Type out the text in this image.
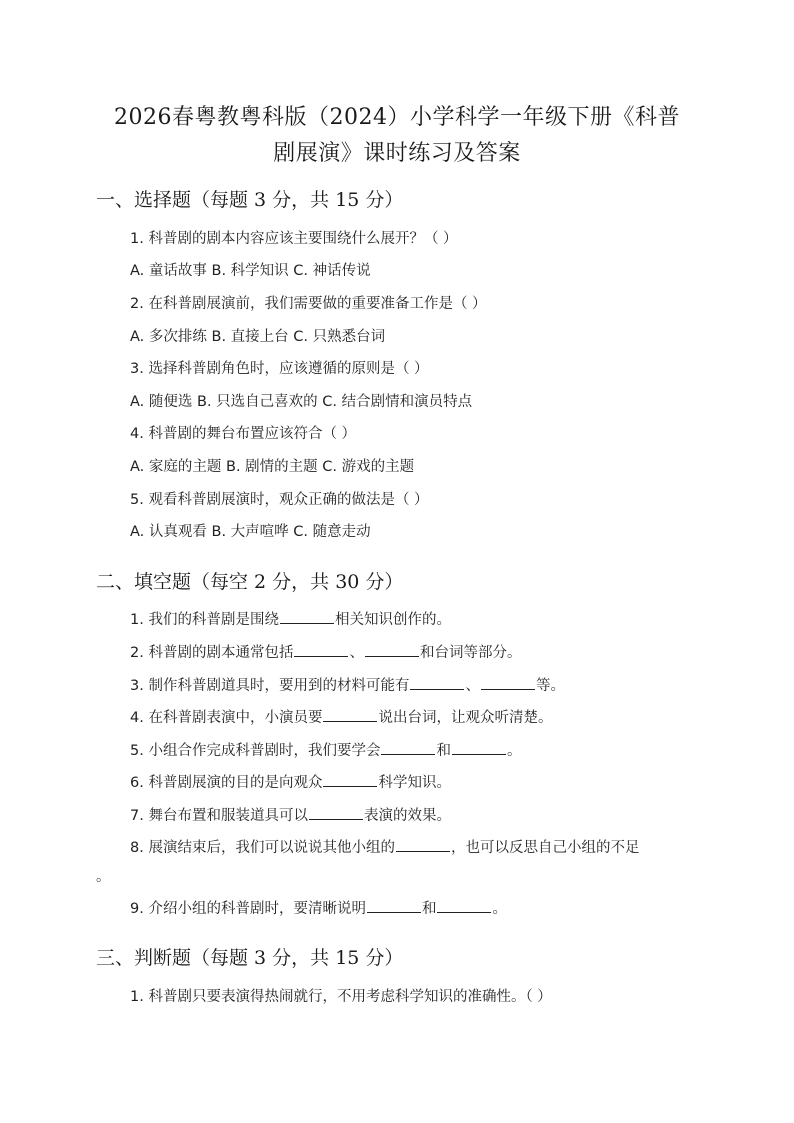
2026春粤教粤科版（2024）小学科学一年级下册《科普
剧展演》课时练习及答案
一、选择题（每题 3 分，共 15 分）
1. 科普剧的剧本内容应该主要围绕什么展开？（ ）
A. 童话故事 B. 科学知识 C. 神话传说
2. 在科普剧展演前，我们需要做的重要准备工作是（ ）
A. 多次排练 B. 直接上台 C. 只熟悉台词
3. 选择科普剧角色时，应该遵循的原则是（ ）
A. 随便选 B. 只选自己喜欢的 C. 结合剧情和演员特点
4. 科普剧的舞台布置应该符合（ ）
A. 家庭的主题 B. 剧情的主题 C. 游戏的主题
5. 观看科普剧展演时，观众正确的做法是（ ）
A. 认真观看 B. 大声喧哗 C. 随意走动
二、填空题（每空 2 分，共 30 分）
1. 我们的科普剧是围绕	相关知识创作的。
2. 科普剧的剧本通常包括	、	和台词等部分。
3. 制作科普剧道具时，要用到的材料可能有	、	等。
4. 在科普剧表演中，小演员要	说出台词，让观众听清楚。
5. 小组合作完成科普剧时，我们要学会	和	。
6. 科普剧展演的目的是向观众	科学知识。
7. 舞台布置和服装道具可以	表演的效果。
8. 展演结束后，我们可以说说其他小组的	，也可以反思自己小组的不足
。
9. 介绍小组的科普剧时，要清晰说明	和	。
三、判断题（每题 3 分，共 15 分）
1. 科普剧只要表演得热闹就行，不用考虑科学知识的准确性。（ ）
